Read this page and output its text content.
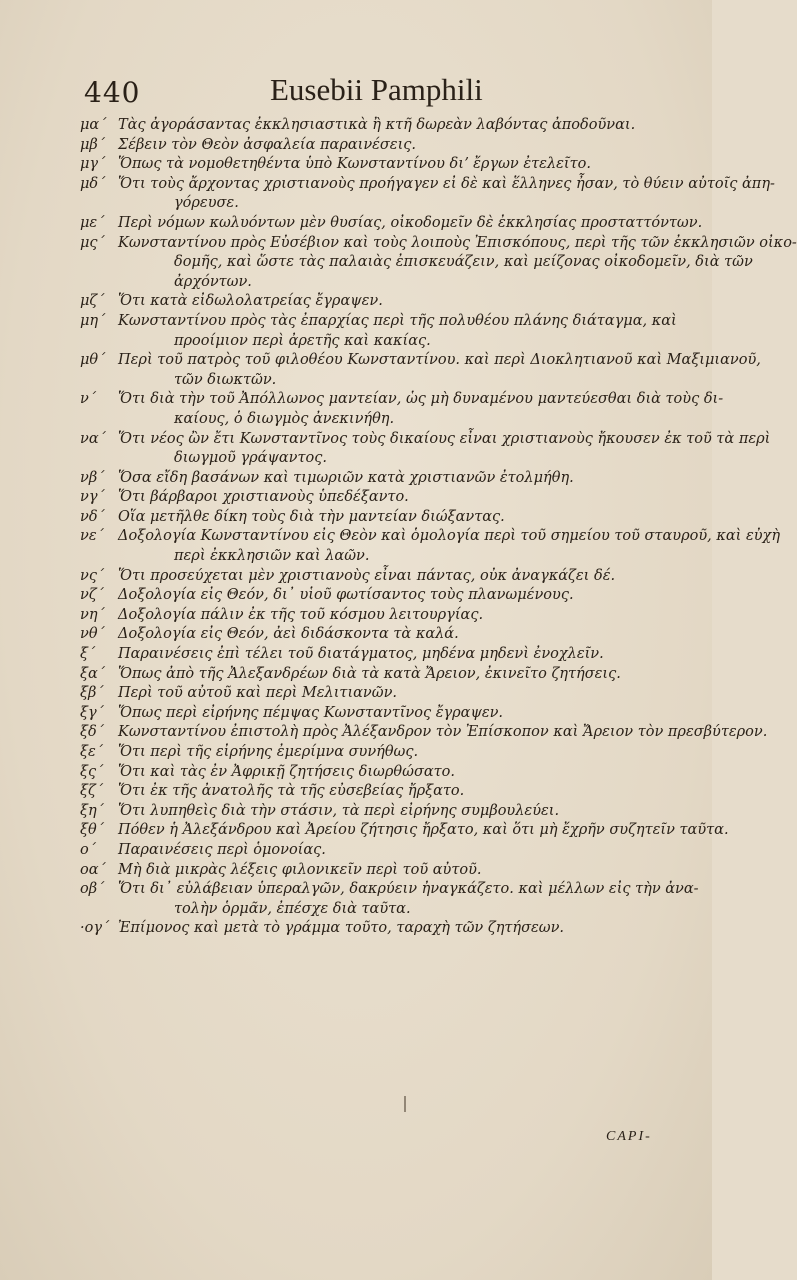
440	Eusebii Pamphili
μα΄ Τὰς ἀγοράσαντας ἐκκλησιαστικὰ ἢ κτῆ δωρεὰν λαβόντας ἀποδοῦναι.
μβ΄ Σέβειν τὸν Θεὸν ἀσφαλεία παραινέσεις.
μγ΄ Ὅπως τὰ νομοθετηθέντα ὑπὸ Κωνσταντίνου διʼ ἔργων ἐτελεῖτο.
μδ΄ Ὅτι τοὺς ἄρχοντας χριστιανοὺς προήγαγεν εἰ δὲ καὶ ἕλληνες ἦσαν, τὸ θύειν αὐτοῖς ἀπη-
γόρευσε.
με΄ Περὶ νόμων κωλυόντων μὲν θυσίας, οἰκοδομεῖν δὲ ἐκκλησίας προσταττόντων.
μς΄ Κωνσταντίνου πρὸς Εὐσέβιον καὶ τοὺς λοιποὺς Ἐπισκόπους, περὶ τῆς τῶν ἐκκλησιῶν οἰκο-
δομῆς, καὶ ὥστε τὰς παλαιὰς ἐπισκευάζειν, καὶ μείζονας οἰκοδομεῖν, διὰ τῶν
ἀρχόντων.
μζ΄ Ὅτι κατὰ εἰδωλολατρείας ἔγραψεν.
μη΄ Κωνσταντίνου πρὸς τὰς ἐπαρχίας περὶ τῆς πολυθέου πλάνης διάταγμα, καὶ
προοίμιον περὶ ἀρετῆς καὶ κακίας.
μθ΄ Περὶ τοῦ πατρὸς τοῦ φιλοθέου Κωνσταντίνου. καὶ περὶ Διοκλητιανοῦ καὶ Μαξιμιανοῦ,
τῶν διωκτῶν.
ν΄	Ὅτι διὰ τὴν τοῦ Ἀπόλλωνος μαντείαν, ὡς μὴ δυναμένου μαντεύεσθαι διὰ τοὺς δι-
καίους, ὁ διωγμὸς ἀνεκινήθη.
να΄ Ὅτι νέος ὢν ἔτι Κωνσταντῖνος τοὺς δικαίους εἶναι χριστιανοὺς ἤκουσεν ἐκ τοῦ τὰ περὶ
διωγμοῦ γράψαντος.
νβ΄ Ὅσα εἴδη βασάνων καὶ τιμωριῶν κατὰ χριστιανῶν ἐτολμήθη.
νγ΄ Ὅτι βάρβαροι χριστιανοὺς ὑπεδέξαντο.
νδ΄ Οἵα μετῆλθε δίκη τοὺς διὰ τὴν μαντείαν διώξαντας.
νε΄ Δοξολογία Κωνσταντίνου εἰς Θεὸν καὶ ὁμολογία περὶ τοῦ σημείου τοῦ σταυροῦ, καὶ εὐχὴ
περὶ ἐκκλησιῶν καὶ λαῶν.
νς΄ Ὅτι προσεύχεται μὲν χριστιανοὺς εἶναι πάντας, οὐκ ἀναγκάζει δέ.
νζ΄ Δοξολογία εἰς Θεόν, δι᾽ υἱοῦ φωτίσαντος τοὺς πλανωμένους.
νη΄ Δοξολογία πάλιν ἐκ τῆς τοῦ κόσμου λειτουργίας.
νθ΄ Δοξολογία εἰς Θεόν, ἀεὶ διδάσκοντα τὰ καλά.
ξ΄	Παραινέσεις ἐπὶ τέλει τοῦ διατάγματος, μηδένα μηδενὶ ἐνοχλεῖν.
ξα΄ Ὅπως ἀπὸ τῆς Ἀλεξανδρέων διὰ τὰ κατὰ Ἄρειον, ἐκινεῖτο ζητήσεις.
ξβ΄ Περὶ τοῦ αὐτοῦ καὶ περὶ Μελιτιανῶν.
ξγ΄ Ὅπως περὶ εἰρήνης πέμψας Κωνσταντῖνος ἔγραψεν.
ξδ΄ Κωνσταντίνου ἐπιστολὴ πρὸς Ἀλέξανδρον τὸν Ἐπίσκοπον καὶ Ἄρειον τὸν πρεσβύτερον.
ξε΄	Ὅτι περὶ τῆς εἰρήνης ἐμερίμνα συνήθως.
ξς΄	Ὅτι καὶ τὰς ἐν Ἀφρικῇ ζητήσεις διωρθώσατο.
ξζ΄	Ὅτι ἐκ τῆς ἀνατολῆς τὰ τῆς εὐσεβείας ἤρξατο.
ξη΄ Ὅτι λυπηθεὶς διὰ τὴν στάσιν, τὰ περὶ εἰρήνης συμβουλεύει.
ξθ΄ Πόθεν ἡ Ἀλεξάνδρου καὶ Ἀρείου ζήτησις ἤρξατο, καὶ ὅτι μὴ ἔχρῆν συζητεῖν ταῦτα.
ο΄	Παραινέσεις περὶ ὁμονοίας.
οα΄ Μὴ διὰ μικρὰς λέξεις φιλονικεῖν περὶ τοῦ αὐτοῦ.
οβ΄ Ὅτι δι᾽ εὐλάβειαν ὑπεραλγῶν, δακρύειν ἠναγκάζετο. καὶ μέλλων εἰς τὴν ἀνα-
τολὴν ὁρμᾶν, ἐπέσχε διὰ ταῦτα.
·ογ΄ Ἐπίμονος καὶ μετὰ τὸ γράμμα τοῦτο, ταραχὴ τῶν ζητήσεων.
CAPI-
